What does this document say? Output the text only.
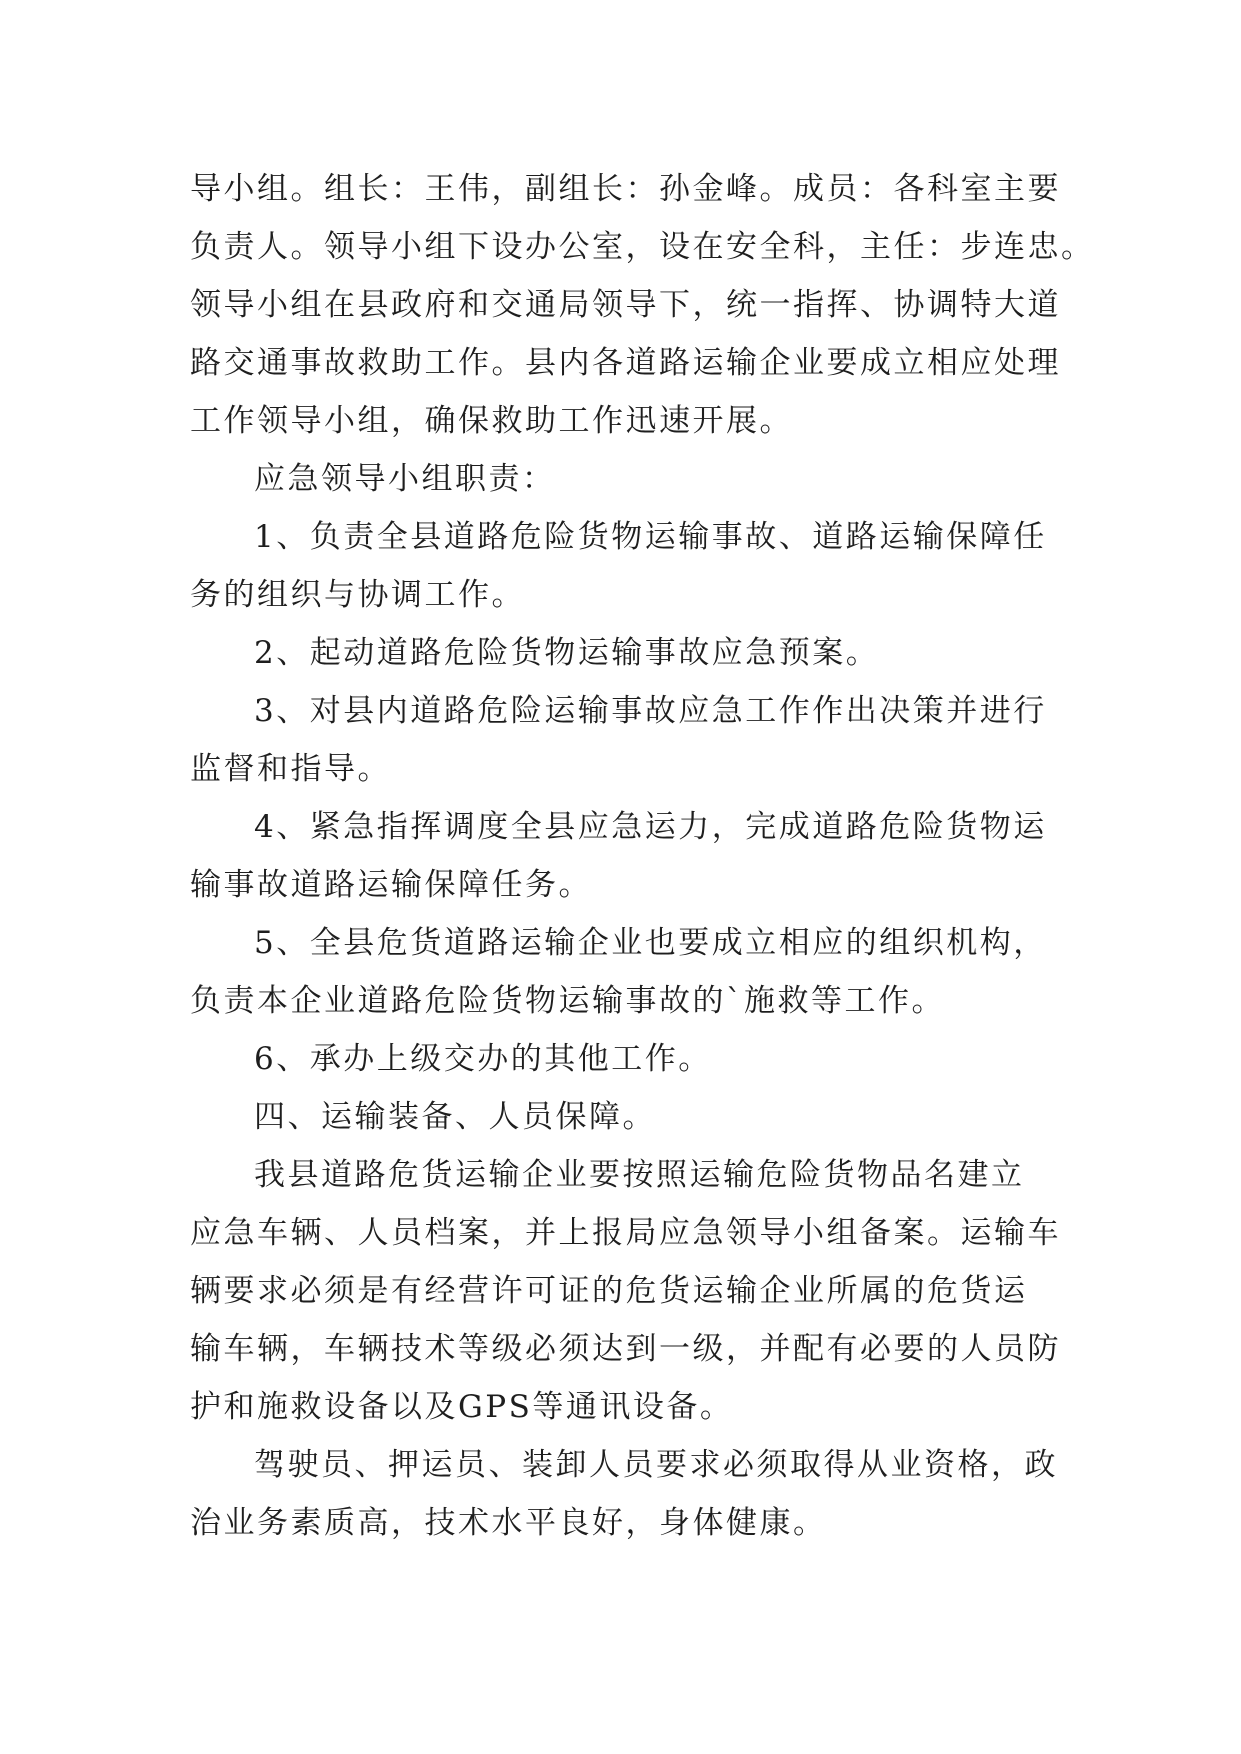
导小组。组长：王伟，副组长：孙金峰。成员：各科室主要
负责人。领导小组下设办公室，设在安全科，主任：步连忠。
领导小组在县政府和交通局领导下，统一指挥、协调特大道
路交通事故救助工作。县内各道路运输企业要成立相应处理
工作领导小组，确保救助工作迅速开展。
应急领导小组职责：
1、负责全县道路危险货物运输事故、道路运输保障任
务的组织与协调工作。
2、起动道路危险货物运输事故应急预案。
3、对县内道路危险运输事故应急工作作出决策并进行
监督和指导。
4、紧急指挥调度全县应急运力，完成道路危险货物运
输事故道路运输保障任务。
5、全县危货道路运输企业也要成立相应的组织机构，
负责本企业道路危险货物运输事故的`施救等工作。
6、承办上级交办的其他工作。
四、运输装备、人员保障。
我县道路危货运输企业要按照运输危险货物品名建立
应急车辆、人员档案，并上报局应急领导小组备案。运输车
辆要求必须是有经营许可证的危货运输企业所属的危货运
输车辆，车辆技术等级必须达到一级，并配有必要的人员防
护和施救设备以及GPS等通讯设备。
驾驶员、押运员、装卸人员要求必须取得从业资格，政
治业务素质高，技术水平良好，身体健康。
